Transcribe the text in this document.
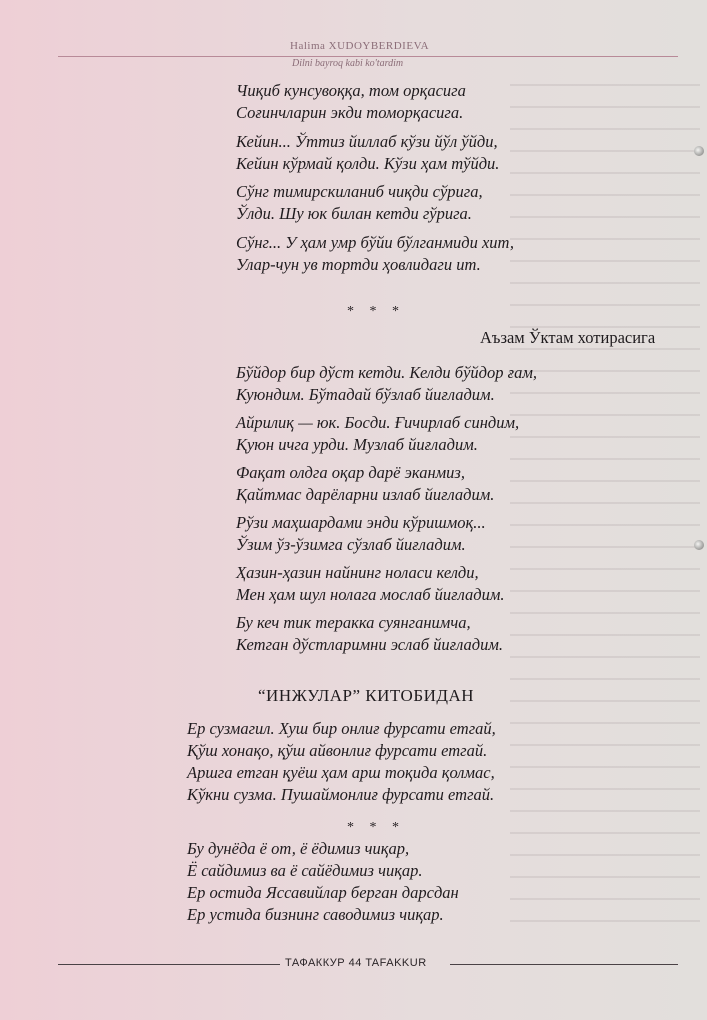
Halima XUDOYBERDIEVA
Dilni bayroq kabi ko'tardim
Чиқиб кунсувоққа, том орқасига
Соғинчларин экди томорқасига.
Кейин... Ўттиз йиллаб кўзи йўл ўйди,
Кейин кўрмай қолди. Кўзи ҳам тўйди.
Сўнг тимирскиланиб чиқди сўрига,
Ўлди. Шу юк билан кетди гўрига.
Сўнг... У ҳам умр бўйи бўлганмиди хит,
Улар-чун ув тортди ҳовлидаги ит.
* * *
Аъзам Ўктам хотирасига
Бўйдор бир дўст кетди. Келди бўйдор ғам,
Куюндим. Бўтадай бўзлаб йиғладим.
Айрилиқ — юк. Босди. Ғичирлаб синдим,
Қуюн ичга урди. Музлаб йиғладим.
Фақат олдга оқар дарё эканмиз,
Қайтмас дарёларни излаб йиғладим.
Рўзи маҳшардами энди кўришмоқ...
Ўзим ўз-ўзимга сўзлаб йиғладим.
Ҳазин-ҳазин найнинг ноласи келди,
Мен ҳам шул нолага мослаб йиғладим.
Бу кеч тик теракка суянганимча,
Кетган дўстларимни эслаб йиғладим.
“ИНЖУЛАР” КИТОБИДАН
Ер сузмагил. Хуш бир онлиғ фурсати етгай,
Қўш хонақо, қўш айвонлиғ фурсати етгай.
Аршга етган қуёш ҳам арш тоқида қолмас,
Кўкни сузма. Пушаймонлиғ фурсати етгай.
* * *
Бу дунёда ё от, ё ёдимиз чиқар,
Ё сайдимиз ва ё сайёдимиз чиқар.
Ер остида Яссавийлар берган дарсдан
Ер устида бизнинг саводимиз чиқар.
ТАФАККУР 44 TAFAKKUR
